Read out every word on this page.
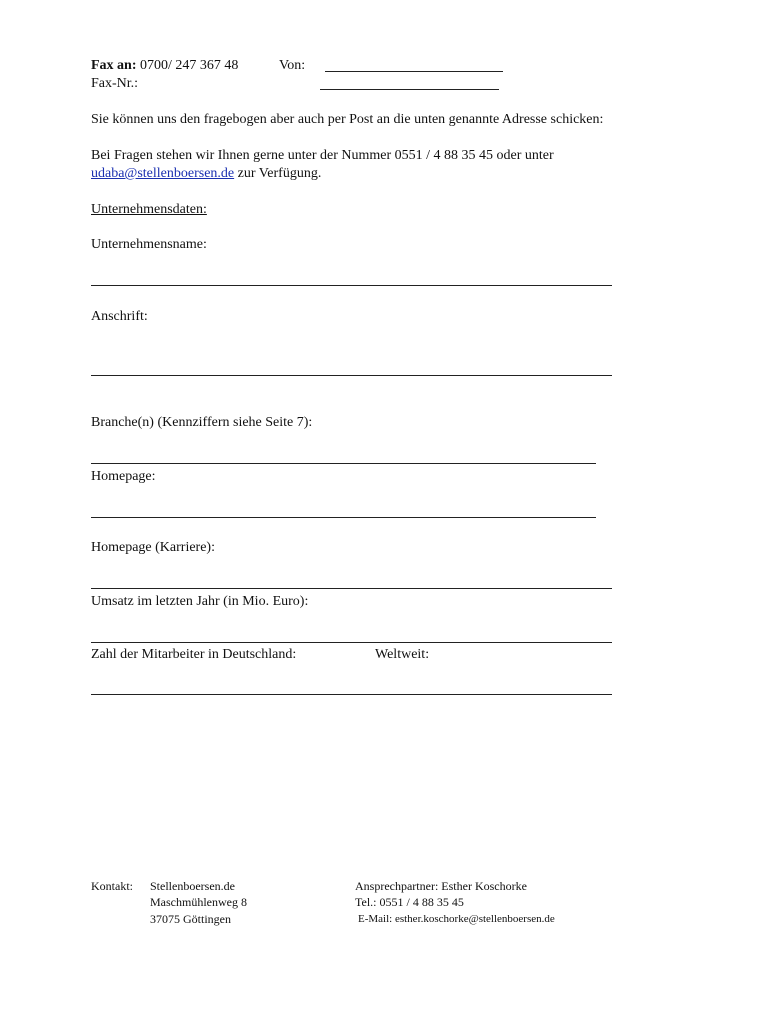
Fax an: 0700/ 247 367 48	Von:
Fax-Nr.:
Sie können uns den fragebogen aber auch per Post an die unten genannte Adresse schicken:
Bei Fragen stehen wir Ihnen gerne unter der Nummer 0551 / 4 88 35 45 oder unter
udaba@stellenboersen.de zur Verfügung.
Unternehmensdaten:
Unternehmensname:
Anschrift:
Branche(n) (Kennziffern siehe Seite 7):
Homepage:
Homepage (Karriere):
Umsatz im letzten Jahr (in Mio. Euro):
Zahl der Mitarbeiter in Deutschland:	Weltweit:
Kontakt: Stellenboersen.de
Maschmühlenweg 8
37075 Göttingen
Ansprechpartner: Esther Koschorke
Tel.: 0551 / 4 88 35 45
E-Mail: esther.koschorke@stellenboersen.de
